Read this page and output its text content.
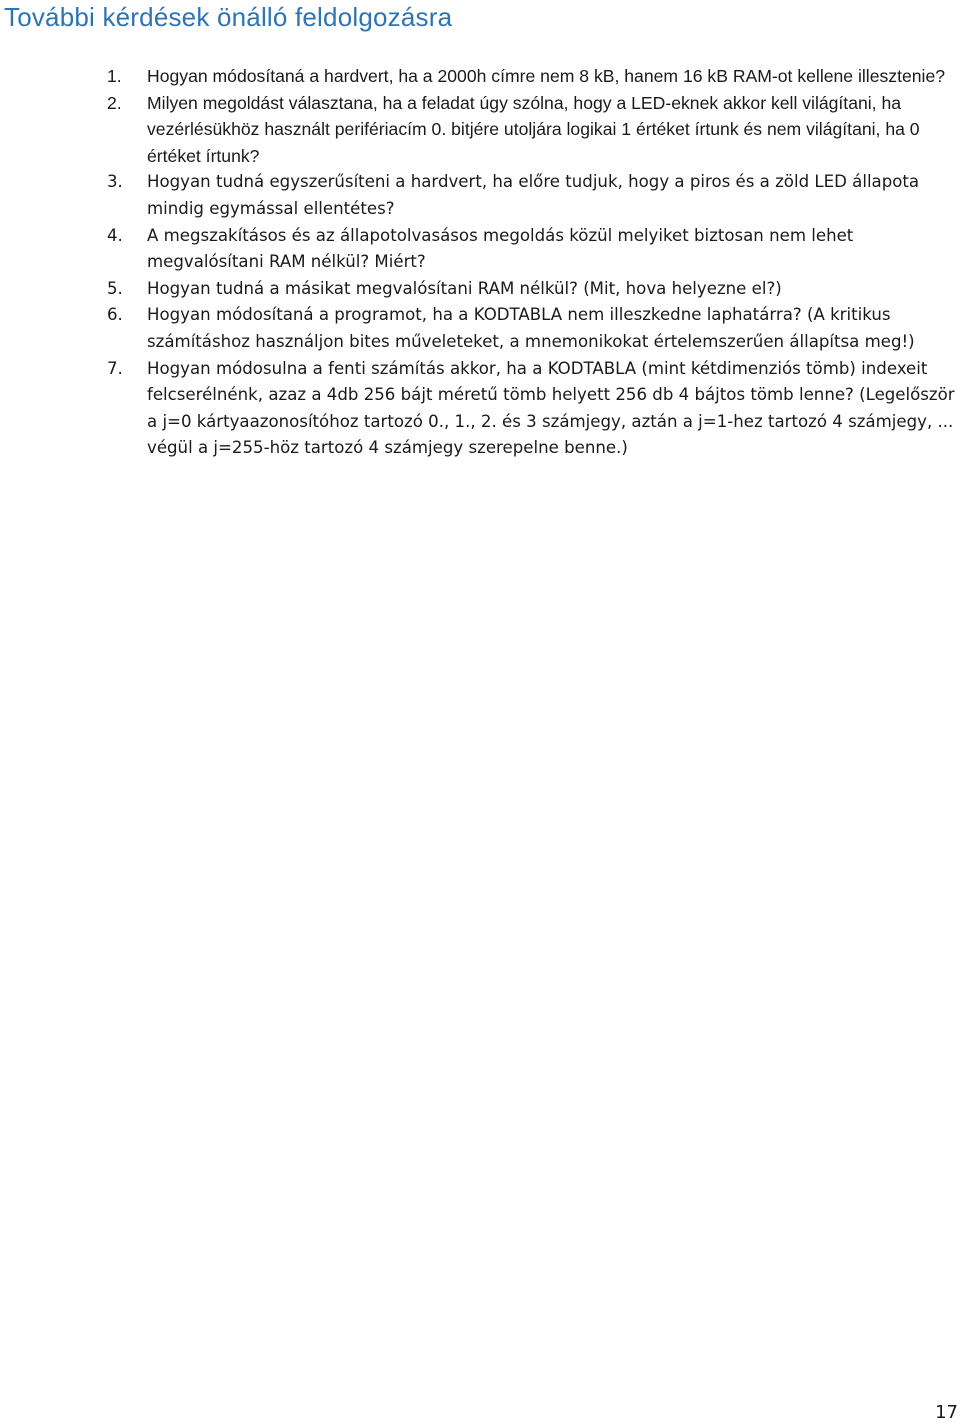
További kérdések önálló feldolgozásra
1. Hogyan módosítaná a hardvert, ha a 2000h címre nem 8 kB, hanem 16 kB RAM-ot kellene illesztenie?
2. Milyen megoldást választana, ha a feladat úgy szólna, hogy a LED-eknek akkor kell világítani, ha vezérlésükhöz használt perifériacím 0. bitjére utoljára logikai 1 értéket írtunk és nem világítani, ha 0 értéket írtunk?
3. Hogyan tudná egyszerűsíteni a hardvert, ha előre tudjuk, hogy a piros és a zöld LED állapota mindig egymással ellentétes?
4. A megszakításos és az állapotolvasásos megoldás közül melyiket biztosan nem lehet megvalósítani RAM nélkül? Miért?
5. Hogyan tudná a másikat megvalósítani RAM nélkül? (Mit, hova helyezne el?)
6. Hogyan módosítaná a programot, ha a KODTABLA nem illeszkedne laphatárra? (A kritikus számításhoz használjon bites műveleteket, a mnemonikokat értelemszerűen állapítsa meg!)
7. Hogyan módosulna a fenti számítás akkor, ha a KODTABLA (mint kétdimenziós tömb) indexeit felcserélnénk, azaz a 4db 256 bájt méretű tömb helyett 256 db 4 bájtos tömb lenne? (Legelőször a j=0 kártyaazonosítóhoz tartozó 0., 1., 2. és 3 számjegy, aztán a j=1-hez tartozó 4 számjegy, ... végül a j=255-höz tartozó 4 számjegy szerepelne benne.)
17
